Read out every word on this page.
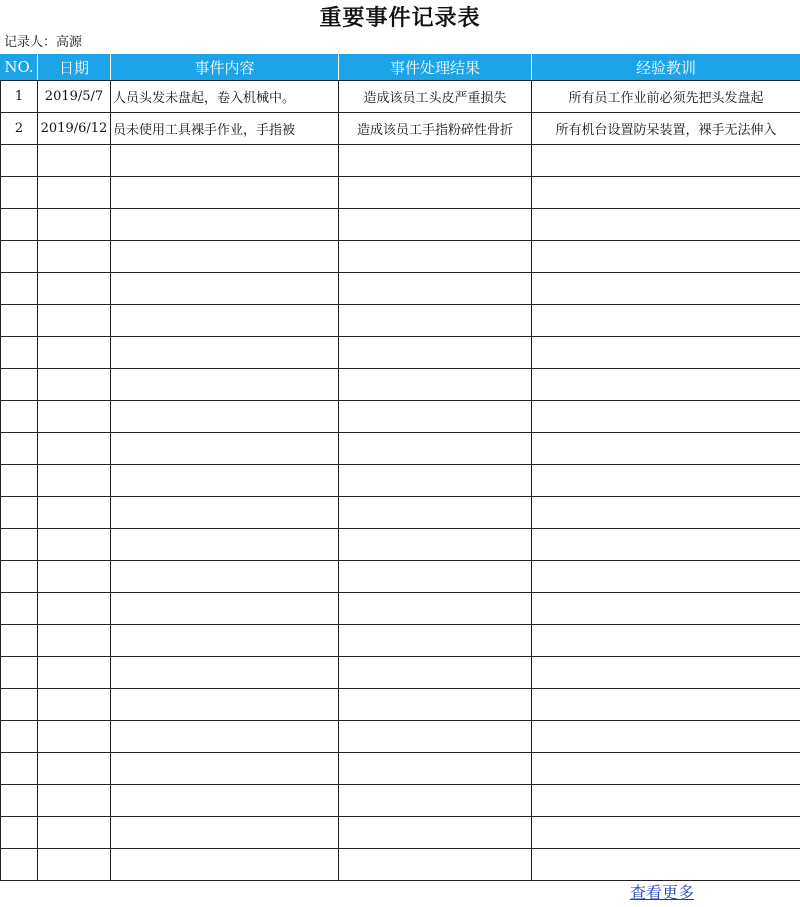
重要事件记录表
记录人：高源
NO.	日期	事件内容	事件处理结果	经验教训
1	2019/5/7	人员头发未盘起，卷入机械中。	造成该员工头皮严重损失	所有员工作业前必须先把头发盘起
2	2019/6/12	员未使用工具裸手作业，手指被	造成该员工手指粉碎性骨折	所有机台设置防呆装置，裸手无法伸入

查看更多
